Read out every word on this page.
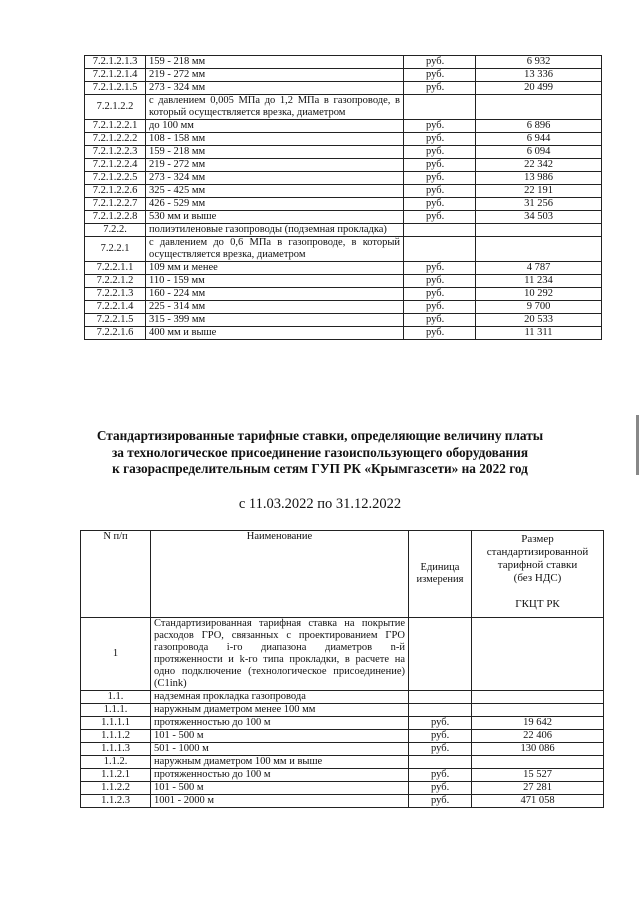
7.2.1.2.1.3	159 - 218 мм	руб.	6 932
7.2.1.2.1.4	219 - 272 мм	руб.	13 336
7.2.1.2.1.5	273 - 324 мм	руб.	20 499
7.2.1.2.2	с давлением 0,005 МПа до 1,2 МПа в газопроводе, в который осуществляется врезка, диаметром		
7.2.1.2.2.1	до 100 мм	руб.	6 896
7.2.1.2.2.2	108 - 158 мм	руб.	6 944
7.2.1.2.2.3	159 - 218 мм	руб.	6 094
7.2.1.2.2.4	219 - 272 мм	руб.	22 342
7.2.1.2.2.5	273 - 324 мм	руб.	13 986
7.2.1.2.2.6	325 - 425 мм	руб.	22 191
7.2.1.2.2.7	426 - 529 мм	руб.	31 256
7.2.1.2.2.8	530 мм и выше	руб.	34 503
7.2.2.	полиэтиленовые газопроводы (подземная прокладка)		
7.2.2.1	с давлением до 0,6 МПа в газопроводе, в который осуществляется врезка, диаметром		
7.2.2.1.1	109 мм и менее	руб.	4 787
7.2.2.1.2	110 - 159 мм	руб.	11 234
7.2.2.1.3	160 - 224 мм	руб.	10 292
7.2.2.1.4	225 - 314 мм	руб.	9 700
7.2.2.1.5	315 - 399 мм	руб.	20 533
7.2.2.1.6	400 мм и выше	руб.	11 311
Стандартизированные тарифные ставки, определяющие величину платы
за технологическое присоединение газоиспользующего оборудования
к газораспределительным сетям ГУП РК «Крымгазсети» на 2022 год
с 11.03.2022 по 31.12.2022
N п/п	Наименование	Единица измерения	Размер стандартизированной тарифной ставки
(без НДС)
ГКЦТ РК

1	Стандартизированная тарифная ставка на покрытие расходов ГРО, связанных с проектированием ГРО газопровода i-го диапазона диаметров n-й протяженности и k-го типа прокладки, в расчете на одно подключение (технологическое присоединение) (C1ink)		
1.1.	надземная прокладка газопровода		
1.1.1.	наружным диаметром менее 100 мм		
1.1.1.1	протяженностью до 100 м	руб.	19 642
1.1.1.2	101 - 500 м	руб.	22 406
1.1.1.3	501 - 1000 м	руб.	130 086
1.1.2.	наружным диаметром 100 мм и выше		
1.1.2.1	протяженностью до 100 м	руб.	15 527
1.1.2.2	101 - 500 м	руб.	27 281
1.1.2.3	1001 - 2000 м	руб.	471 058
